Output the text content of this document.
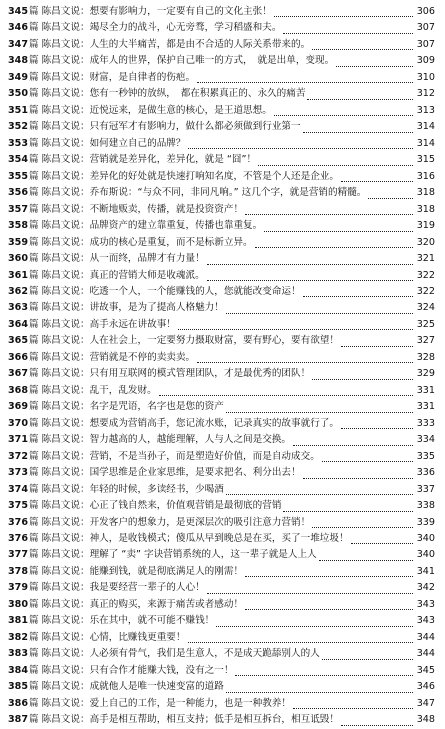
345 篇 陈昌文说： 想要有影响力，一定要有自己的文化主张！	306
346 篇 陈昌文说： 竭尽全力的战斗，心无旁骛，学习稻盛和夫。	307
347 篇 陈昌文说： 人生的大半痛苦，都是由不合适的人际关系带来的。	307
348 篇 陈昌文说： 成年人的世界，保护自己唯一的方式，　就是出单，变现。	309
349 篇 陈昌文说： 财富，是自律者的伤疤。	310
350 篇 陈昌文说： 您有一秒钟的放纵，　都在积累真正的、永久的痛苦	312
351 篇 陈昌文说： 近悦远来，是做生意的核心，是王道思想。	313
352 篇 陈昌文说： 只有冠军才有影响力，做什么都必须做到行业第一	314
353 篇 陈昌文说： 如何建立自己的品牌？	314
354 篇 陈昌文说： 营销就是差异化，差异化，就是 “囧”！	315
355 篇 陈昌文说： 差异化的好处就是快速打响知名度，不管是个人还是企业。	316
356 篇 陈昌文说： 乔布斯说：“与众不同，非同凡响。” 这几个字，就是营销的精髓。	318
357 篇 陈昌文说： 不断地贩卖，传播，就是投资资产！	318
358 篇 陈昌文说： 品牌资产的建立靠重复，传播也靠重复。	319
359 篇 陈昌文说： 成功的核心是重复，而不是标新立异。	320
360 篇 陈昌文说： 从一而终，品牌才有力量！	321
361 篇 陈昌文说： 真正的营销大师是收魂派。	322
362 篇 陈昌文说： 吃透一个人，一个能赚钱的人，您就能改变命运！	322
363 篇 陈昌文说： 讲故事，是为了提高人格魅力！	324
364 篇 陈昌文说： 高手永远在讲故事！	325
365 篇 陈昌文说： 人在社会上，一定要努力摄取财富，要有野心，要有欲望！	327
366 篇 陈昌文说： 营销就是不停的卖卖卖。	328
367 篇 陈昌文说： 只有用互联网的模式管理团队，才是最优秀的团队！	329
368 篇 陈昌文说： 乱干，乱发财。	331
369 篇 陈昌文说： 名字是咒语，名字也是您的资产	331
370 篇 陈昌文说： 想要成为营销高手，您记流水账，记录真实的故事就行了。	333
371 篇 陈昌文说： 智力越高的人，越能理解，人与人之间是交换。	334
372 篇 陈昌文说： 营销，不是当孙子，而是塑造好价值，而是自动成交。	335
373 篇 陈昌文说： 国学思维是企业家思维，是要求把名、利分出去！	336
374 篇 陈昌文说： 年轻的时候，多读经书，少喝酒	337
375 篇 陈昌文说： 心正了钱自然来，价值观营销是最彻底的营销	338
376 篇 陈昌文说： 开发客户的想象力，是更深层次的吸引注意力营销！	339
376 篇 陈昌文说： 神人，是收钱模式；傻瓜从早到晚总是在买，买了一堆垃圾！	340
377 篇 陈昌文说： 理解了 “卖” 字诀营销系统的人，这一辈子就是人上人	340
378 篇 陈昌文说： 能赚到钱，就是彻底满足人的刚需！	341
379 篇 陈昌文说： 我是要经营一辈子的人心！	342
380 篇 陈昌文说： 真正的购买，来源于痛苦或者感动！	343
381 篇 陈昌文说： 乐在其中，就不可能不赚钱！	343
382 篇 陈昌文说： 心情，比赚钱更重要！	344
383 篇 陈昌文说： 人必须有骨气，我们是生意人，不是成天跪舔别人的人	344
384 篇 陈昌文说： 只有合作才能赚大钱，没有之一！	345
385 篇 陈昌文说： 成就他人是唯一快速变富的道路	346
386 篇 陈昌文说： 爱上自己的工作，是一种能力，也是一种教养！	347
387 篇 陈昌文说： 高手是相互帮助，相互支持；低手是相互拆台，相互诋毁！	348
